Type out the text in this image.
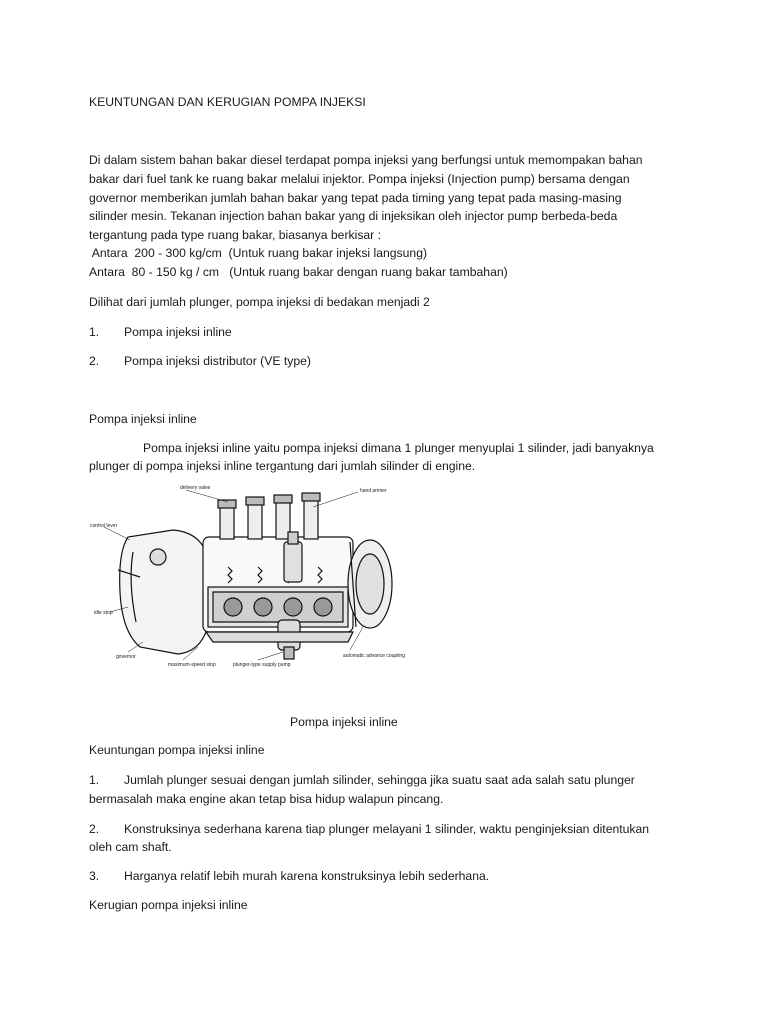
KEUNTUNGAN DAN KERUGIAN POMPA INJEKSI
Di dalam sistem bahan bakar diesel terdapat pompa injeksi yang berfungsi untuk memompakan bahan
bakar dari fuel tank ke ruang bakar melalui injektor. Pompa injeksi (Injection pump) bersama dengan
governor memberikan jumlah bahan bakar yang tepat pada timing yang tepat pada masing-masing
silinder mesin. Tekanan injection bahan bakar yang di injeksikan oleh injector pump berbeda-beda
tergantung pada type ruang bakar, biasanya berkisar :
Antara  200 - 300 kg/cm  (Untuk ruang bakar injeksi langsung)
Antara  80 - 150 kg / cm   (Untuk ruang bakar dengan ruang bakar tambahan)
Dilihat dari jumlah plunger, pompa injeksi di bedakan menjadi 2
1. Pompa injeksi inline
2. Pompa injeksi distributor (VE type)
Pompa injeksi inline
Pompa injeksi inline yaitu pompa injeksi dimana 1 plunger menyuplai 1 silinder, jadi banyaknya
plunger di pompa injeksi inline tergantung dari jumlah silinder di engine.
delivery valve	hand primer
control lever
idle stop
governor
maximum-speed stop	plunger-type supply pump
automatic advance coupling
Pompa injeksi inline
Keuntungan pompa injeksi inline
1. Jumlah plunger sesuai dengan jumlah silinder, sehingga jika suatu saat ada salah satu plunger
bermasalah maka engine akan tetap bisa hidup walapun pincang.
2. Konstruksinya sederhana karena tiap plunger melayani 1 silinder, waktu penginjeksian ditentukan
oleh cam shaft.
3. Harganya relatif lebih murah karena konstruksinya lebih sederhana.
Kerugian pompa injeksi inline
